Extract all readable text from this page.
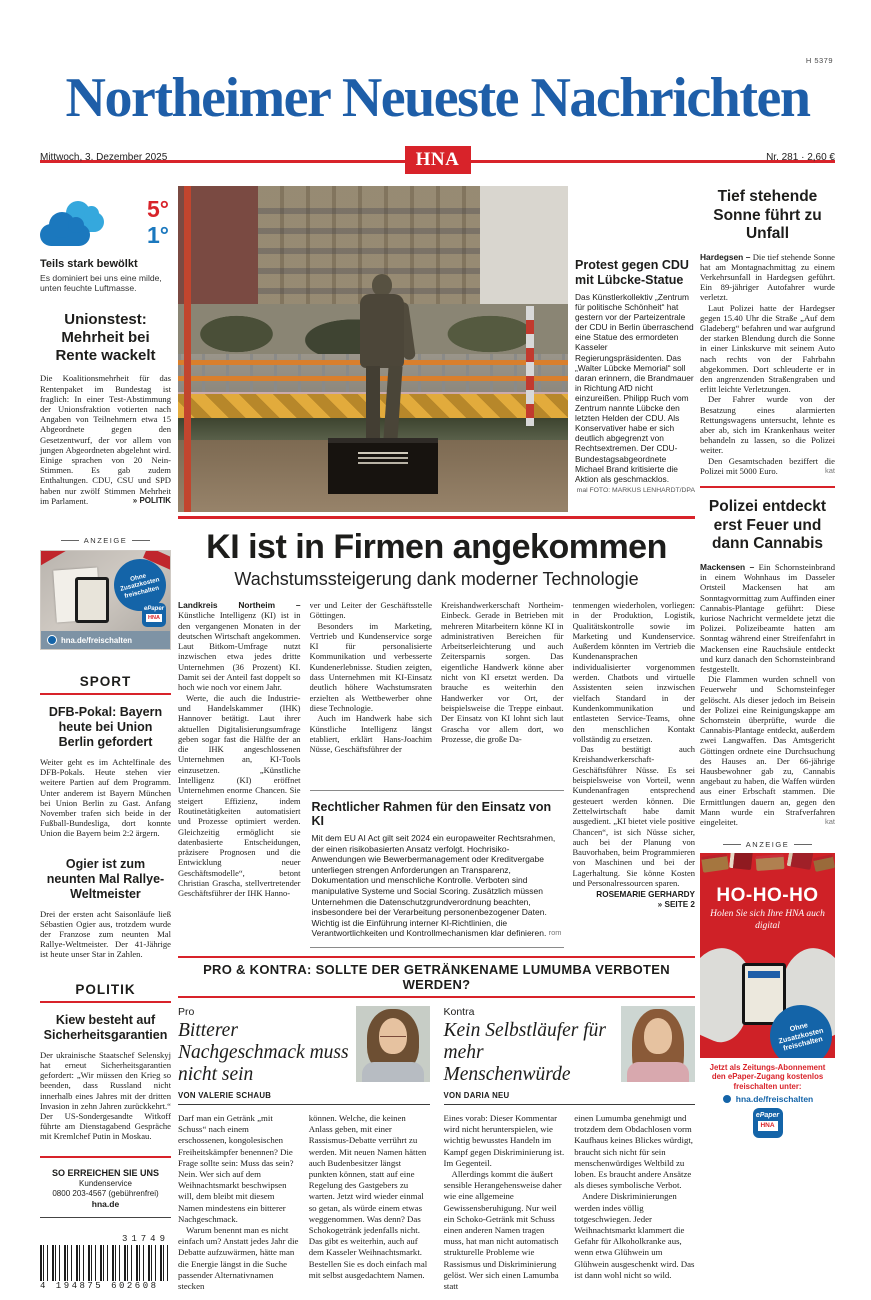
H 5379
Northeimer Neueste Nachrichten
Mittwoch, 3. Dezember 2025	Nr. 281 · 2,60 €
HNA
5°
1°
Teils stark bewölkt
Es dominiert bei uns eine milde, unten feuchte Luftmasse.
Unionstest: Mehrheit bei Rente wackelt
Die Koalitionsmehrheit für das Rentenpaket im Bundestag ist fraglich: In einer Test-Abstimmung der Unionsfraktion votierten nach Angaben von Teilnehmern etwa 15 Abgeordnete gegen den Gesetzentwurf, der vor allem von jungen Abgeordneten abgelehnt wird. Einige sprachen von 20 Nein-Stimmen. Es gab zudem Enthaltungen. CDU, CSU und SPD haben nur zwölf Stimmen Mehrheit im Parlament.	» POLITIK
ANZEIGE
Ohne Zusatzkosten freischalten
ePaper
HNA
hna.de/freischalten
SPORT
DFB-Pokal: Bayern heute bei Union Berlin gefordert
Weiter geht es im Achtelfinale des DFB-Pokals. Heute stehen vier weitere Partien auf dem Programm. Unter anderem ist Bayern München bei Union Berlin zu Gast. Anfang November trafen sich beide in der Fußball-Bundesliga, dort konnte Union die Bayern beim 2:2 ärgern.
Ogier ist zum neunten Mal Rallye-Weltmeister
Drei der ersten acht Saisonläufe ließ Sébastien Ogier aus, trotzdem wurde der Franzose zum neunten Mal Rallye-Weltmeister. Der 41-Jährige ist heute unser Star in Zahlen.
POLITIK
Kiew besteht auf Sicherheitsgarantien
Der ukrainische Staatschef Selenskyj hat erneut Sicherheitsgarantien gefordert: „Wir müssen den Krieg so beenden, dass Russland nicht innerhalb eines Jahres mit der dritten Invasion in zehn Jahren zurückkehrt.“ Der US-Sondergesandte Witkoff führte am Dienstagabend Gespräche mit Kremlchef Putin in Moskau.
SO ERREICHEN SIE UNS
Kundenservice
0800 203-4567 (gebührenfrei)
hna.de
31749
4 194875 602608
Protest gegen CDU mit Lübcke-Statue
Das Künstlerkollektiv „Zentrum für politische Schönheit“ hat gestern vor der Parteizentrale der CDU in Berlin überraschend eine Statue des ermordeten Kasseler Regierungspräsidenten. Das „Walter Lübcke Memorial“ soll daran erinnern, die Brandmauer in Richtung AfD nicht einzureißen. Philipp Ruch vom Zentrum nannte Lübcke den letzten Helden der CDU. Als Konservativer habe er sich deutlich abgegrenzt von Rechtsextremen. Der CDU-Bundestagsabgeordnete Michael Brand kritisierte die Aktion als geschmacklos.
mal FOTO: MARKUS LENHARDT/DPA
KI ist in Firmen angekommen
Wachstumssteigerung dank moderner Technologie

Landkreis Northeim – Künstliche Intelligenz (KI) ist in den vergangenen Monaten in der deutschen Wirtschaft angekommen. Laut Bitkom-Umfrage nutzt inzwischen etwa jedes dritte Unternehmen (36 Prozent) KI. Damit sei der Anteil fast doppelt so hoch wie noch vor einem Jahr.

Werte, die auch die Industrie- und Handelskammer (IHK) Hannover betätigt. Laut ihrer aktuellen Digitalisierungsumfrage geben sogar fast die Hälfte der an die IHK angeschlossenen Unternehmen an, KI-Tools einzusetzen. „Künstliche Intelligenz (KI) eröffnet Unternehmen enorme Chancen. Sie steigert Effizienz, indem Routinetätigkeiten automatisiert und Prozesse optimiert werden. Gleichzeitig ermöglicht sie datenbasierte Entscheidungen, präzisere Prognosen und die Entwicklung neuer Geschäftsmodelle“, betont Christian Grascha, stellvertretender Geschäftsführer der IHK Hanno-

ver und Leiter der Geschäftsstelle Göttingen.

Besonders im Marketing, Vertrieb und Kundenservice sorge KI für personalisierte Kommunikation und verbesserte Kundenerlebnisse. Studien zeigten, dass Unternehmen mit KI-Einsatz deutlich höhere Wachstumsraten erzielten als Wettbewerber ohne diese Technologie.

Auch im Handwerk habe sich Künstliche Intelligenz längst etabliert, erklärt Hans-Joachim Nüsse, Geschäftsführer der

Kreishandwerkerschaft Northeim-Einbeck. Gerade in Betrieben mit mehreren Mitarbeitern könne KI in administrativen Bereichen für Arbeitserleichterung und auch Zeitersparnis sorgen. Das eigentliche Handwerk könne aber nicht von KI ersetzt werden. Da brauche es weiterhin den Handwerker vor Ort, der beispielsweise die Treppe einbaut. Der Einsatz von KI lohnt sich laut Grascha vor allem dort, wo Prozesse, die große Da-

tenmengen wiederholen, vorliegen: in der Produktion, Logistik, Qualitätskontrolle sowie im Marketing und Kundenservice. Außerdem könnten im Vertrieb die Kundenansprachen individualisierter vorgenommen werden. Chatbots und virtuelle Assistenten seien inzwischen vielfach Standard in der Kundenkommunikation und entlasteten Service-Teams, ohne den menschlichen Kontakt vollständig zu ersetzen.

Das bestätigt auch Kreishandwerkerschaft-Geschäftsführer Nüsse. Es sei beispielsweise von Vorteil, wenn Kundenanfragen entsprechend gesteuert werden können. Die Zettelwirtschaft habe damit ausgedient. „KI bietet viele positive Chancen“, ist sich Nüsse sicher, auch bei der Planung von Bauvorhaben, beim Programmieren von Maschinen und bei der Lagerhaltung. Sie könne Kosten und Personalressourcen sparen.

ROSEMARIE GERHARDY
» SEITE 2
Rechtlicher Rahmen für den Einsatz von KI
Mit dem EU AI Act gilt seit 2024 ein europaweiter Rechtsrahmen, der einen risikobasierten Ansatz verfolgt. Hochrisiko-Anwendungen wie Bewerbermanagement oder Kreditvergabe unterliegen strengen Anforderungen an Transparenz, Dokumentation und menschliche Kontrolle. Verboten sind manipulative Systeme und Social Scoring. Zusätzlich müssen Unternehmen die Datenschutzgrundverordnung beachten, insbesondere bei der Verarbeitung personenbezogener Daten. Wichtig ist die Einführung interner KI-Richtlinien, die Verantwortlichkeiten und Kontrollmechanismen klar definieren. rom
PRO & KONTRA: SOLLTE DER GETRÄNKENAME LUMUMBA VERBOTEN WERDEN?
Pro
Bitterer Nachgeschmack muss nicht sein
VON VALERIE SCHAUB

Darf man ein Getränk „mit Schuss“ nach einem erschossenen, kongolesischen Freiheitskämpfer benennen? Die Frage sollte sein: Muss das sein? Nein. Wer sich auf dem Weihnachtsmarkt beschwipsen will, dem bleibt mit diesem Namen mindestens ein bitterer Nachgeschmack.

Warum benennt man es nicht einfach um? Anstatt jedes Jahr die Debatte aufzuwärmen, hätte man die Energie längst in die Suche passender Alternativnamen stecken

können. Welche, die keinen Anlass geben, mit einer Rassismus-Debatte verrührt zu werden. Mit neuen Namen hätten auch Budenbesitzer längst punkten können, statt auf eine Regelung des Gastgebers zu warten. Jetzt wird wieder einmal so getan, als würde einem etwas weggenommen. Was denn? Das Schokogetränk jedenfalls nicht. Das gibt es weiterhin, auch auf dem Kasseler Weihnachtsmarkt. Bestellen Sie es doch einfach mal mit selbst ausgedachtem Namen.

Kontra
Kein Selbstläufer für mehr Menschenwürde
VON DARIA NEU

Eines vorab: Dieser Kommentar wird nicht herunterspielen, wie wichtig bewusstes Handeln im Kampf gegen Diskriminierung ist. Im Gegenteil.

Allerdings kommt die äußert sensible Herangehensweise daher wie eine allgemeine Gewissensberuhigung. Nur weil ein Schoko-Getränk mit Schuss einen anderen Namen tragen muss, hat man nicht automatisch strukturelle Probleme wie Rassismus und Diskriminierung gelöst. Wer sich einen Lamumba statt

einen Lumumba genehmigt und trotzdem dem Obdachlosen vorm Kaufhaus keines Blickes würdigt, braucht sich nicht für sein menschenwürdiges Weltbild zu loben. Es braucht andere Ansätze als dieses symbolische Verbot.

Andere Diskriminierungen werden indes völlig totgeschwiegen. Jeder Weihnachtsmarkt klammert die Gefahr für Alkoholkranke aus, wenn etwa Glühwein um Glühwein ausgeschenkt wird. Das ist dann wohl nicht so wild.

Tief stehende Sonne führt zu Unfall

Hardegsen – Die tief stehende Sonne hat am Montagnachmittag zu einem Verkehrsunfall in Hardegsen geführt. Ein 89-jähriger Autofahrer wurde verletzt.

Laut Polizei hatte der Hardegser gegen 15.40 Uhr die Straße „Auf dem Gladeberg“ befahren und war aufgrund der starken Blendung durch die Sonne in einer Linkskurve mit seinem Auto nach rechts von der Fahrbahn abgekommen. Dort schleuderte er in den angrenzenden Straßengraben und erlitt leichte Verletzungen.

Der Fahrer wurde von der Besatzung eines alarmierten Rettungswagens untersucht, lehnte es aber ab, sich im Krankenhaus weiter behandeln zu lassen, so die Polizei weiter.

Den Gesamtschaden beziffert die Polizei mit 5000 Euro.	kat

Polizei entdeckt erst Feuer und dann Cannabis

Mackensen – Ein Schornsteinbrand in einem Wohnhaus im Dasseler Ortsteil Mackensen hat am Sonntagvormittag zum Auffinden einer Cannabis-Plantage geführt: Diese kuriose Nachricht vermeldete jetzt die Polizei. Polizeibeamte hatten am Sonntag während einer Streifenfahrt in Mackensen eine Rauchsäule entdeckt und kurz danach den Schornsteinbrand festgestellt.

Die Flammen wurden schnell von Feuerwehr und Schornsteinfeger gelöscht. Als dieser jedoch im Beisein der Polizei eine Reinigungskappe am Schornstein überprüfte, wurde die Cannabis-Plantage entdeckt, außerdem zwei Langwaffen. Das Amtsgericht Göttingen ordnete eine Durchsuchung des Hauses an. Der 66-jährige Hausbewohner gab zu, Cannabis angebaut zu haben, die Waffen würden aus einer Erbschaft stammen. Die Ermittlungen dauern an, gegen den Mann wurde ein Strafverfahren eingeleitet.	kat

ANZEIGE
HO-HO-HO
Holen Sie sich Ihre HNA auch digital
Ohne Zusatzkosten freischalten
Jetzt als Zeitungs-Abonnement den ePaper-Zugang kostenlos freischalten unter:
hna.de/freischalten
ePaper
HNA
